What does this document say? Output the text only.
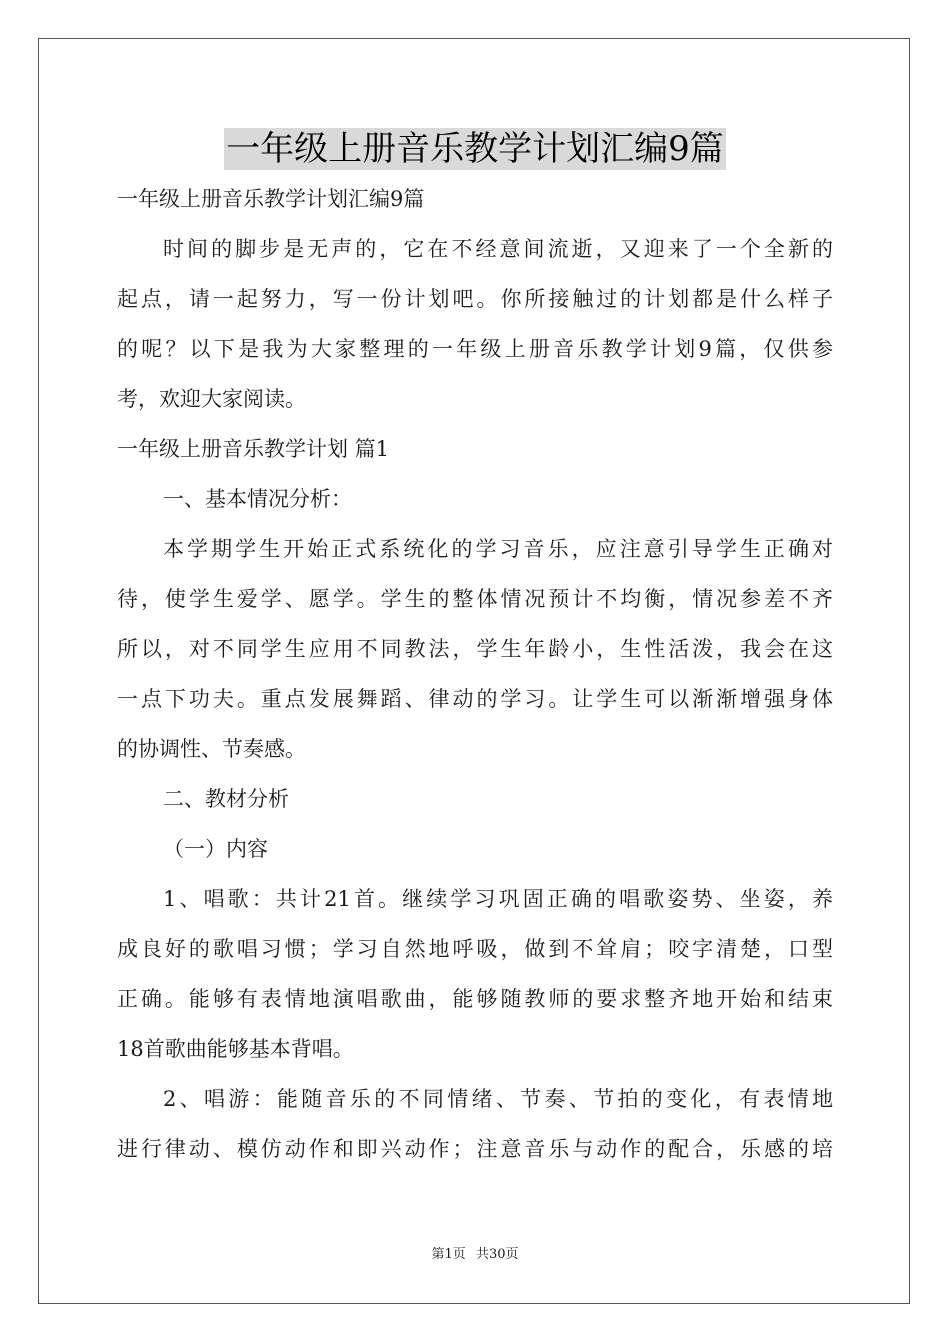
一年级上册音乐教学计划汇编9篇
一年级上册音乐教学计划汇编9篇
时间的脚步是无声的，它在不经意间流逝，又迎来了一个全新的
起点，请一起努力，写一份计划吧。你所接触过的计划都是什么样子
的呢？以下是我为大家整理的一年级上册音乐教学计划9篇，仅供参
考，欢迎大家阅读。
一年级上册音乐教学计划 篇1
一、基本情况分析：
本学期学生开始正式系统化的学习音乐，应注意引导学生正确对
待，使学生爱学、愿学。学生的整体情况预计不均衡，情况参差不齐
所以，对不同学生应用不同教法，学生年龄小，生性活泼，我会在这
一点下功夫。重点发展舞蹈、律动的学习。让学生可以渐渐增强身体
的协调性、节奏感。
二、教材分析
（一）内容
1、唱歌：共计21首。继续学习巩固正确的唱歌姿势、坐姿，养
成良好的歌唱习惯；学习自然地呼吸，做到不耸肩；咬字清楚，口型
正确。能够有表情地演唱歌曲，能够随教师的要求整齐地开始和结束
18首歌曲能够基本背唱。
2、唱游：能随音乐的不同情绪、节奏、节拍的变化，有表情地
进行律动、模仿动作和即兴动作；注意音乐与动作的配合，乐感的培
第1页 共30页
